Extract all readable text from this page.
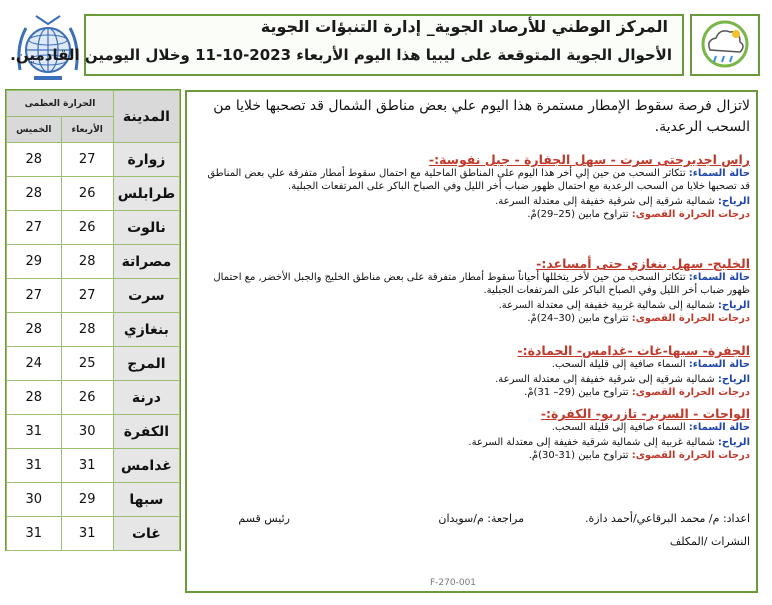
المركز الوطني للأرصاد الجوية_ إدارة التنبؤات الجوية
الأحوال الجوية المتوقعة على ليبيا هذا اليوم الأربعاء 2023-10-11 وخلال اليومين القادمين.
الحرارة العظمى		المدينة
الخميس	الأربعاء	
28	27	زوارة
28	26	طرابلس
27	26	نالوت
29	28	مصراتة
27	27	سرت
28	28	بنغازي
24	25	المرج
28	26	درنة
31	30	الكفرة
31	31	غدامس
30	29	سبها
31	31	غات
لاتزال فرصة سقوط الإمطار مستمرة هذا اليوم علي بعض مناطق الشمال قد تصحبها خلايا من السحب الرعدية.
راس اجديرحتى سرت - سهل الجفارة - جبل نفوسة:-
حالة السماء: تتكاثر السحب من حين إلي أخر هذا اليوم علي المناطق الماحلية مع احتمال سقوط أمطار متفرقة علي بعض المناطق قد تصحبها خلايا من السحب الرعدية مع احتمال ظهور ضباب أخر الليل وفي الصباح الباكر على المرتفعات الجبلية.
الرياح: شمالية شرقية إلى شرقية خفيفة إلى معتدلة السرعة.
درجات الحرارة القصوى: تتراوح مابين (25–29)مْ.
الخليج- سهل بنغازي حتى أمساعد:-
حالة السماء: تتكاثر السحب من حين لأخر يتخللها أحياناً سقوط أمطار متفرقة على بعض مناطق الخليج والجبل الأخضر, مع احتمال ظهور ضباب أخر الليل وفي الصباح الباكر على المرتفعات الجبلية.
الرياح: شمالية إلى شمالية غربية خفيفة إلى معتدلة السرعة.
درجات الحرارة القصوى: تتراوح مابين (30–24)مْ.
الجفرة- سبها-غات -غدامس- الحمادة:-
حالة السماء: السماء صافية إلى قليلة السحب.
الرياح: شمالية شرقية إلى شرقية خفيفة إلى معتدلة السرعة.
درجات الحرارة القصوى: تتراوح مابين (29– 31)مْ.
الواحات - السرير- تازربو- الكفرة:-
حالة السماء: السماء صافية إلى قليلة السحب.
الرياح: شمالية غربية إلى شمالية شرقية خفيفة إلى معتدلة السرعة.
درجات الحرارة القصوى: تتراوح مابين (31-30)مْ.
اعداد: م/ محمد البرقاعي/أحمد دازة.
مراجعة: م/سويدان
رئيس قسم
النشرات /المكلف
F-270-001
